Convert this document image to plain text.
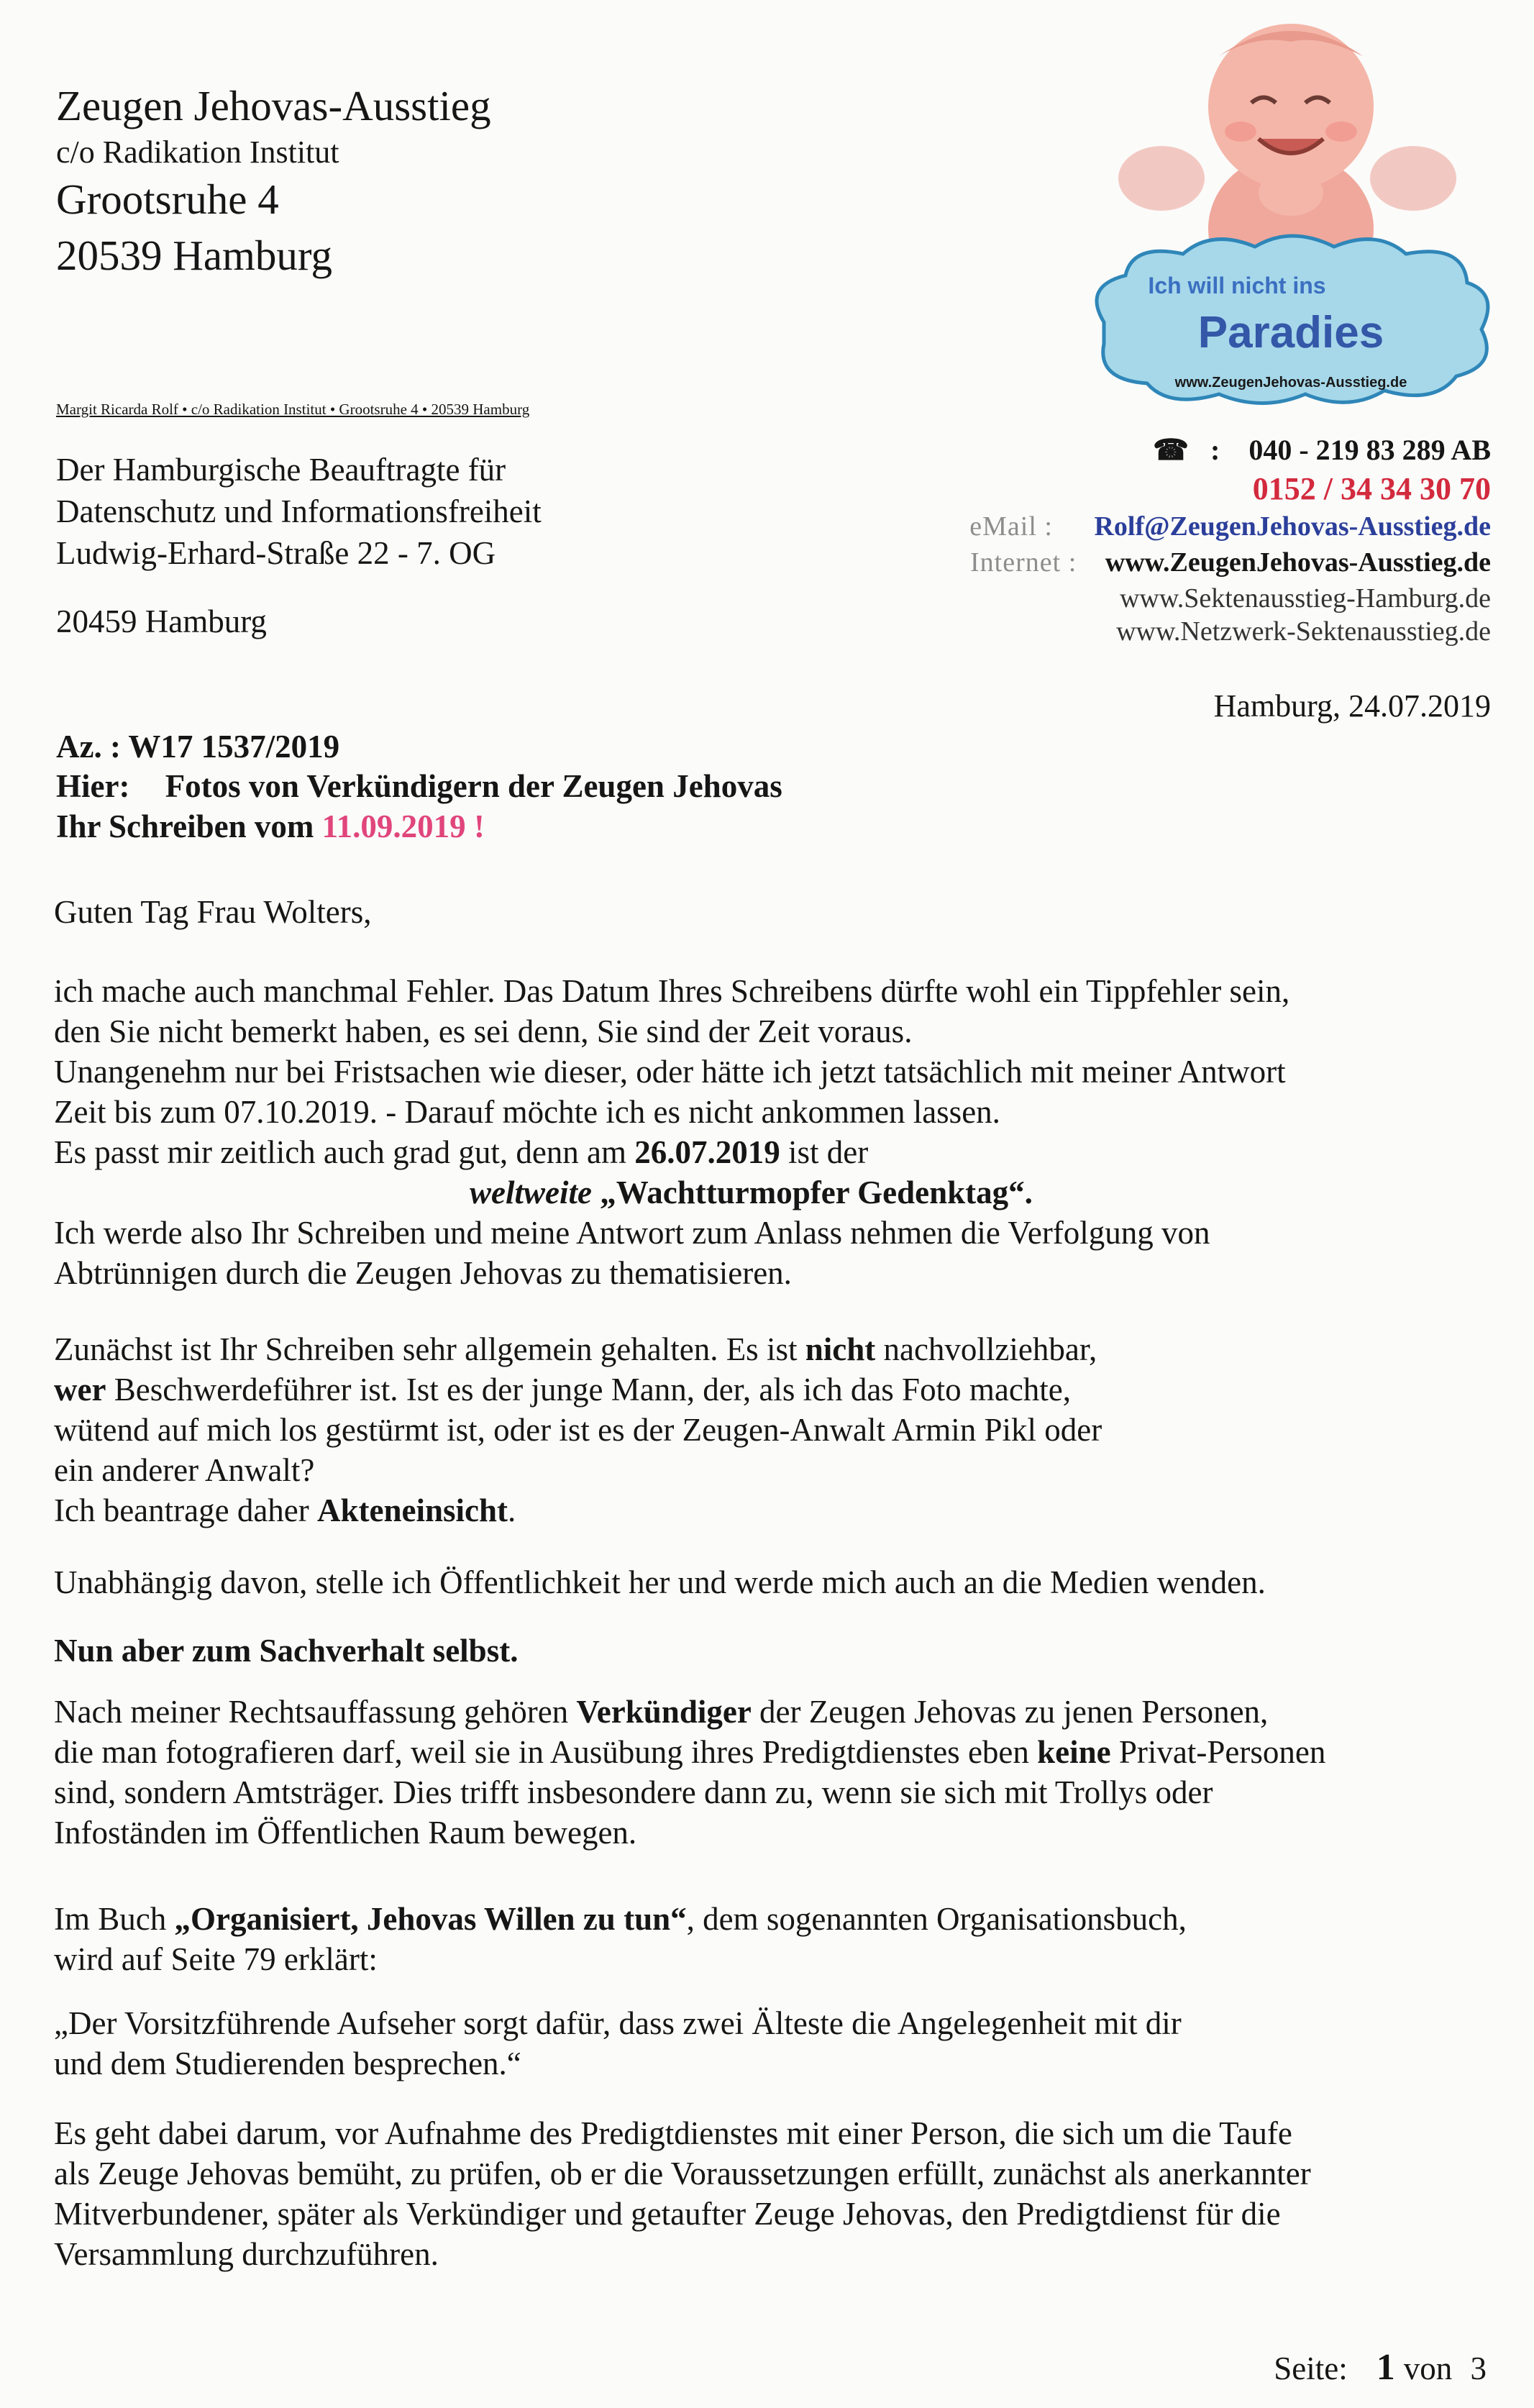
Zeugen Jehovas-Ausstieg
c/o Radikation Institut
Grootsruhe 4
20539 Hamburg
Margit Ricarda Rolf • c/o Radikation Institut • Grootsruhe 4 • 20539 Hamburg
Der Hamburgische Beauftragte für
Datenschutz und Informationsfreiheit
Ludwig-Erhard-Straße 22 - 7. OG
20459 Hamburg
Ich will nicht ins
Paradies
www.ZeugenJehovas-Ausstieg.de
☎ : 040 - 219 83 289 AB
0152 / 34 34 30 70
eMail : Rolf@ZeugenJehovas-Ausstieg.de
Internet : www.ZeugenJehovas-Ausstieg.de
www.Sektenausstieg-Hamburg.de
www.Netzwerk-Sektenausstieg.de
Hamburg, 24.07.2019
Az. : W17 1537/2019
Hier: Fotos von Verkündigern der Zeugen Jehovas
Ihr Schreiben vom 11.09.2019 !
Guten Tag Frau Wolters,
ich mache auch manchmal Fehler. Das Datum Ihres Schreibens dürfte wohl ein Tippfehler sein,
den Sie nicht bemerkt haben, es sei denn, Sie sind der Zeit voraus.
Unangenehm nur bei Fristsachen wie dieser, oder hätte ich jetzt tatsächlich mit meiner Antwort
Zeit bis zum 07.10.2019. - Darauf möchte ich es nicht ankommen lassen.
Es passt mir zeitlich auch grad gut, denn am 26.07.2019 ist der
weltweite „Wachtturmopfer Gedenktag“.
Ich werde also Ihr Schreiben und meine Antwort zum Anlass nehmen die Verfolgung von
Abtrünnigen durch die Zeugen Jehovas zu thematisieren.
Zunächst ist Ihr Schreiben sehr allgemein gehalten. Es ist nicht nachvollziehbar,
wer Beschwerdeführer ist. Ist es der junge Mann, der, als ich das Foto machte,
wütend auf mich los gestürmt ist, oder ist es der Zeugen-Anwalt Armin Pikl oder
ein anderer Anwalt?
Ich beantrage daher Akteneinsicht.
Unabhängig davon, stelle ich Öffentlichkeit her und werde mich auch an die Medien wenden.
Nun aber zum Sachverhalt selbst.
Nach meiner Rechtsauffassung gehören Verkündiger der Zeugen Jehovas zu jenen Personen,
die man fotografieren darf, weil sie in Ausübung ihres Predigtdienstes eben keine Privat-Personen
sind, sondern Amtsträger. Dies trifft insbesondere dann zu, wenn sie sich mit Trollys oder
Infoständen im Öffentlichen Raum bewegen.
Im Buch „Organisiert, Jehovas Willen zu tun“, dem sogenannten Organisationsbuch,
wird auf Seite 79 erklärt:
„Der Vorsitzführende Aufseher sorgt dafür, dass zwei Älteste die Angelegenheit mit dir
und dem Studierenden besprechen.“
Es geht dabei darum, vor Aufnahme des Predigtdienstes mit einer Person, die sich um die Taufe
als Zeuge Jehovas bemüht, zu prüfen, ob er die Voraussetzungen erfüllt, zunächst als anerkannter
Mitverbundener, später als Verkündiger und getaufter Zeuge Jehovas, den Predigtdienst für die
Versammlung durchzuführen.
Seite: 1 von 3
